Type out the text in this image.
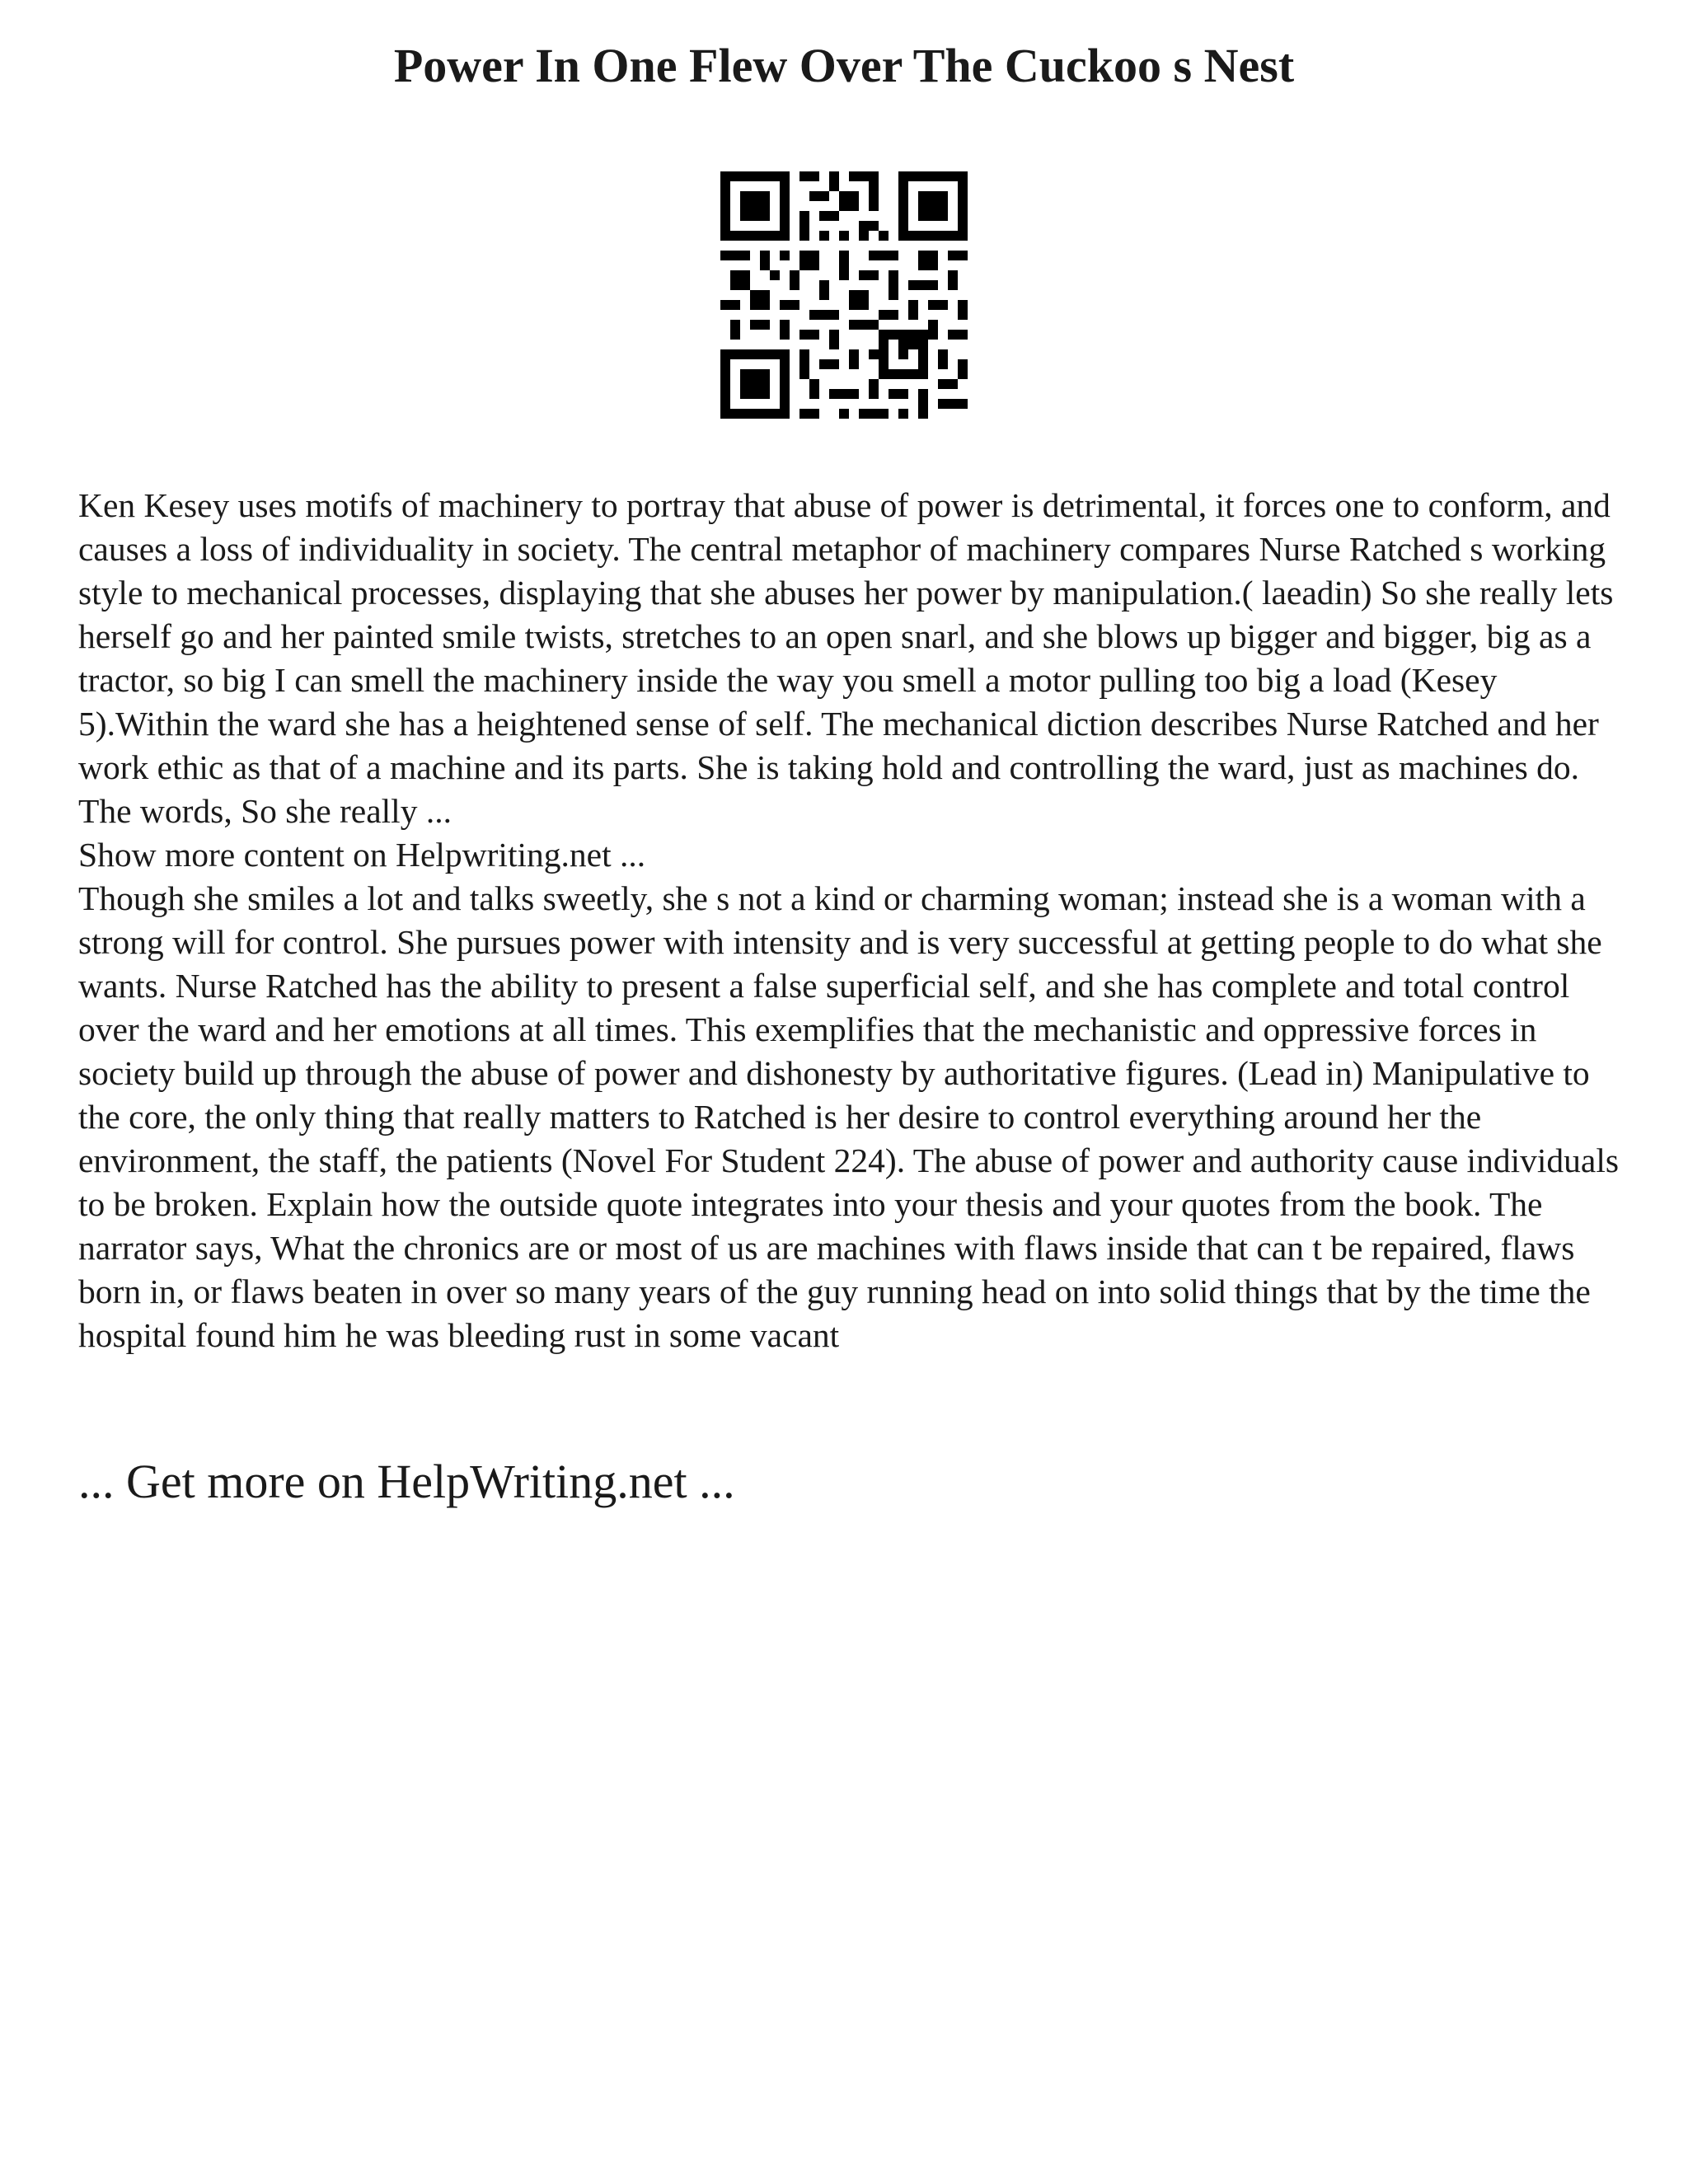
Power In One Flew Over The Cuckoo s Nest

Ken Kesey uses motifs of machinery to portray that abuse of power is detrimental, it forces one to conform, and causes a loss of individuality in society. The central metaphor of machinery compares Nurse Ratched s working style to mechanical processes, displaying that she abuses her power by manipulation.( laeadin) So she really lets herself go and her painted smile twists, stretches to an open snarl, and she blows up bigger and bigger, big as a tractor, so big I can smell the machinery inside the way you smell a motor pulling too big a load (Kesey 5).Within the ward she has a heightened sense of self. The mechanical diction describes Nurse Ratched and her work ethic as that of a machine and its parts. She is taking hold and controlling the ward, just as machines do. The words, So she really ...

Show more content on Helpwriting.net ...

Though she smiles a lot and talks sweetly, she s not a kind or charming woman; instead she is a woman with a strong will for control. She pursues power with intensity and is very successful at getting people to do what she wants. Nurse Ratched has the ability to present a false superficial self, and she has complete and total control over the ward and her emotions at all times. This exemplifies that the mechanistic and oppressive forces in society build up through the abuse of power and dishonesty by authoritative figures. (Lead in) Manipulative to the core, the only thing that really matters to Ratched is her desire to control everything around her the environment, the staff, the patients (Novel For Student 224). The abuse of power and authority cause individuals to be broken. Explain how the outside quote integrates into your thesis and your quotes from the book. The narrator says, What the chronics are or most of us are machines with flaws inside that can t be repaired, flaws born in, or flaws beaten in over so many years of the guy running head on into solid things that by the time the hospital found him he was bleeding rust in some vacant

... Get more on HelpWriting.net ...
